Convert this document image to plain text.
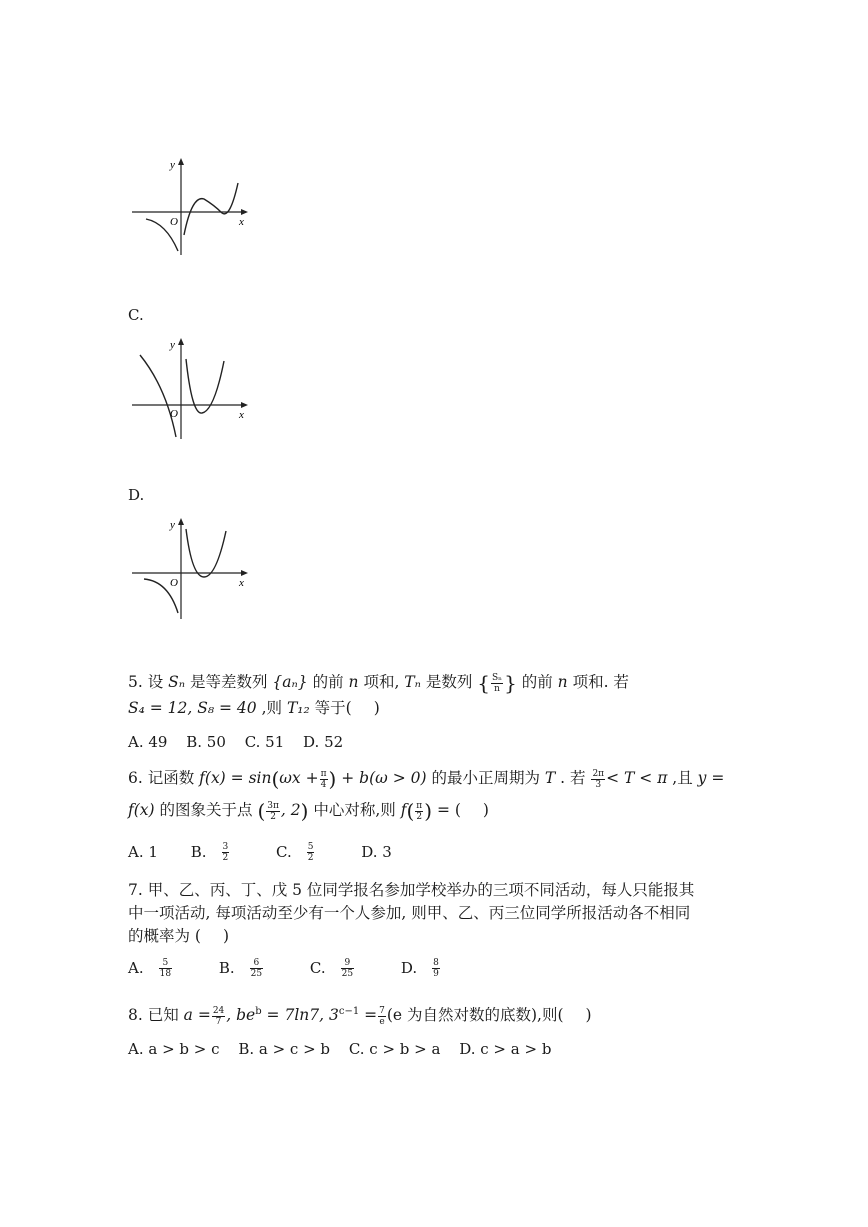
y
x
O
C.
y
x
O
D.
y
x
O
5. 设 Sₙ 是等差数列 {aₙ} 的前 n 项和, Tₙ 是数列 { $\frac{\text{Sₙ}}{n}$ } 的前 n 项和. 若
S₄ = 12, S₈ = 40 ,则 T₁₂ 等于( )
A. 49 B. 50 C. 51 D. 52
6. 记函数 $f(x) = \sin(\omega x + \frac{\pi}{4}$ ) + b(ω > 0) 的最小正周期为 T . 若 $\frac{2\pi}{3} < T < \pi$ ,且 y =
f(x) 的图象关于点 ( $\frac{3\pi}{2}$ , 2) 中心对称,则 $f( \frac{\pi}{2}$ ) = ( )
A. 1 B. $\frac{3}{2} C$. $\frac{5}{2} D$. 3
7. 甲、乙、丙、丁、戊 5 位同学报名参加学校举办的三项不同活动，每人只能报其
中一项活动, 每项活动至少有一个人参加, 则甲、乙、丙三位同学所报活动各不相同
的概率为 ( )
A. $\frac{5}{18} B$. $\frac{6}{25} C$. $\frac{9}{25} D$. $\frac{8}{9}$
8. 已知 $a = \frac{24}{7}$ , $be^b = 7\ln 7$, $3^{c-1} = \frac{7}{e} (e$ 为自然对数的底数),则( )
A. a > b > c B. a > c > b C. c > b > a D. c > a > b
